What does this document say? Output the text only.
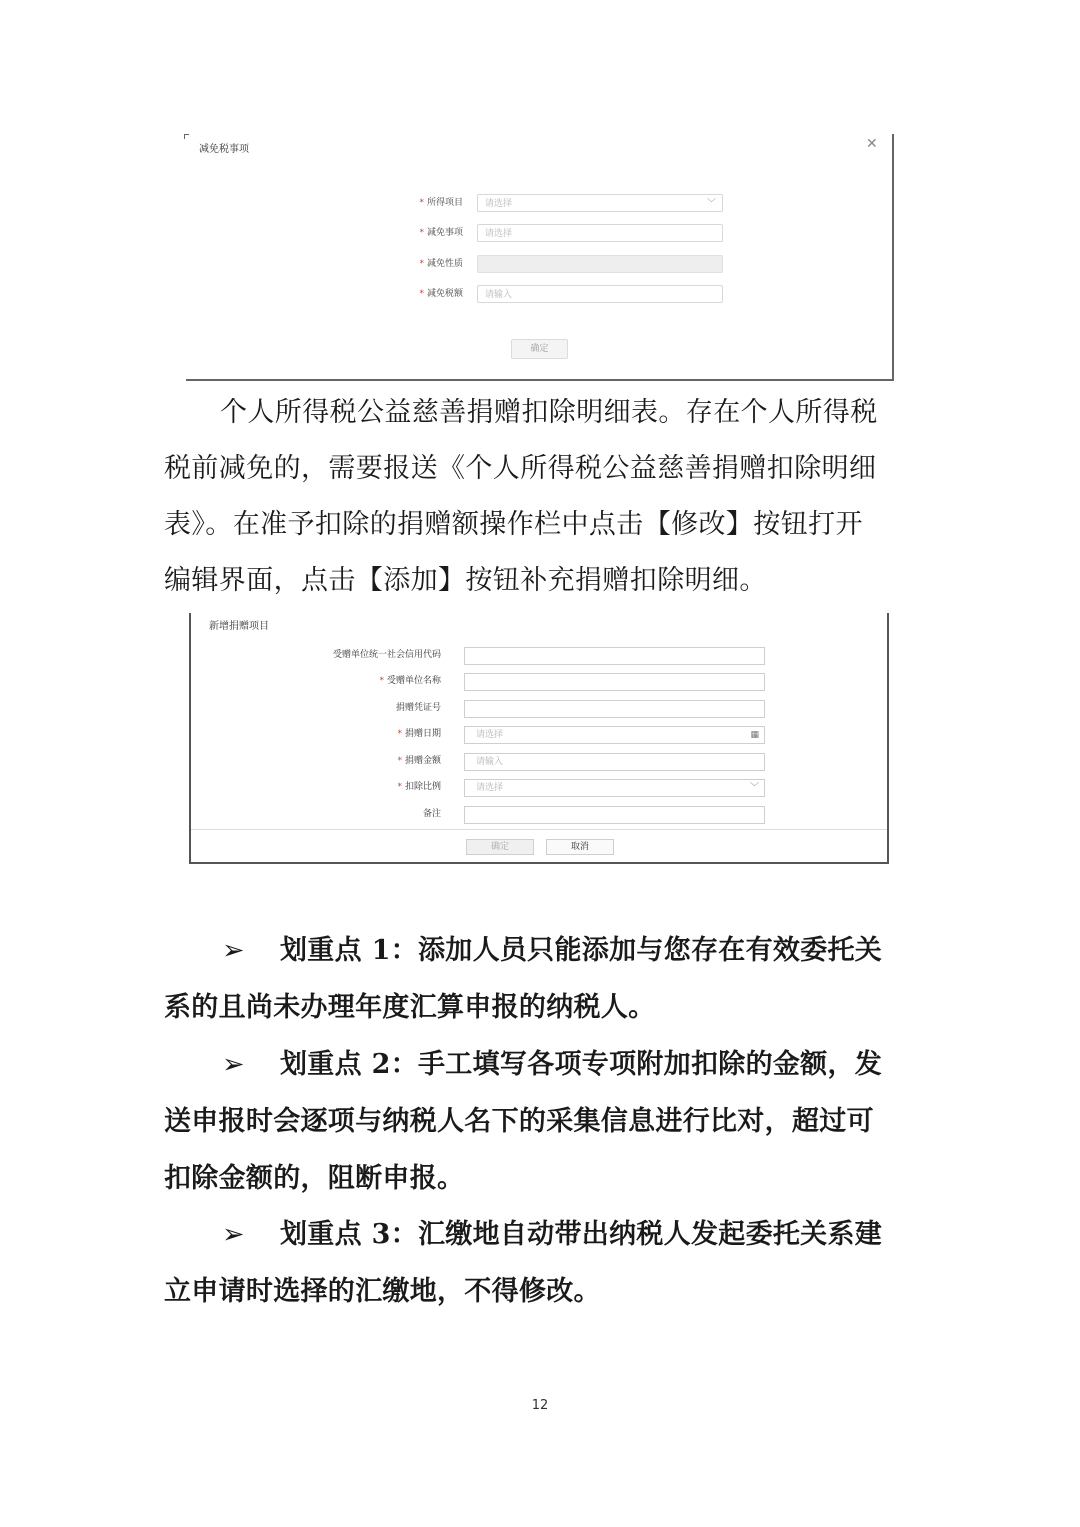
减免税事项	✕
* 所得项目	请选择	﹀
* 减免事项	请选择
* 减免性质
* 减免税额	请输入
确定

个人所得税公益慈善捐赠扣除明细表。存在个人所得税

税前减免的，需要报送《个人所得税公益慈善捐赠扣除明细

表》。在准予扣除的捐赠额操作栏中点击【修改】按钮打开

编辑界面，点击【添加】按钮补充捐赠扣除明细。

新增捐赠项目
受赠单位统一社会信用代码
* 受赠单位名称
捐赠凭证号
* 捐赠日期	请选择	▦
* 捐赠金额	请输入
* 扣除比例	请选择	﹀
备注
确定	取消

➢ 划重点 1：添加人员只能添加与您存在有效委托关

系的且尚未办理年度汇算申报的纳税人。

➢ 划重点 2：手工填写各项专项附加扣除的金额，发

送申报时会逐项与纳税人名下的采集信息进行比对，超过可

扣除金额的，阻断申报。

➢ 划重点 3：汇缴地自动带出纳税人发起委托关系建

立申请时选择的汇缴地，不得修改。

12
